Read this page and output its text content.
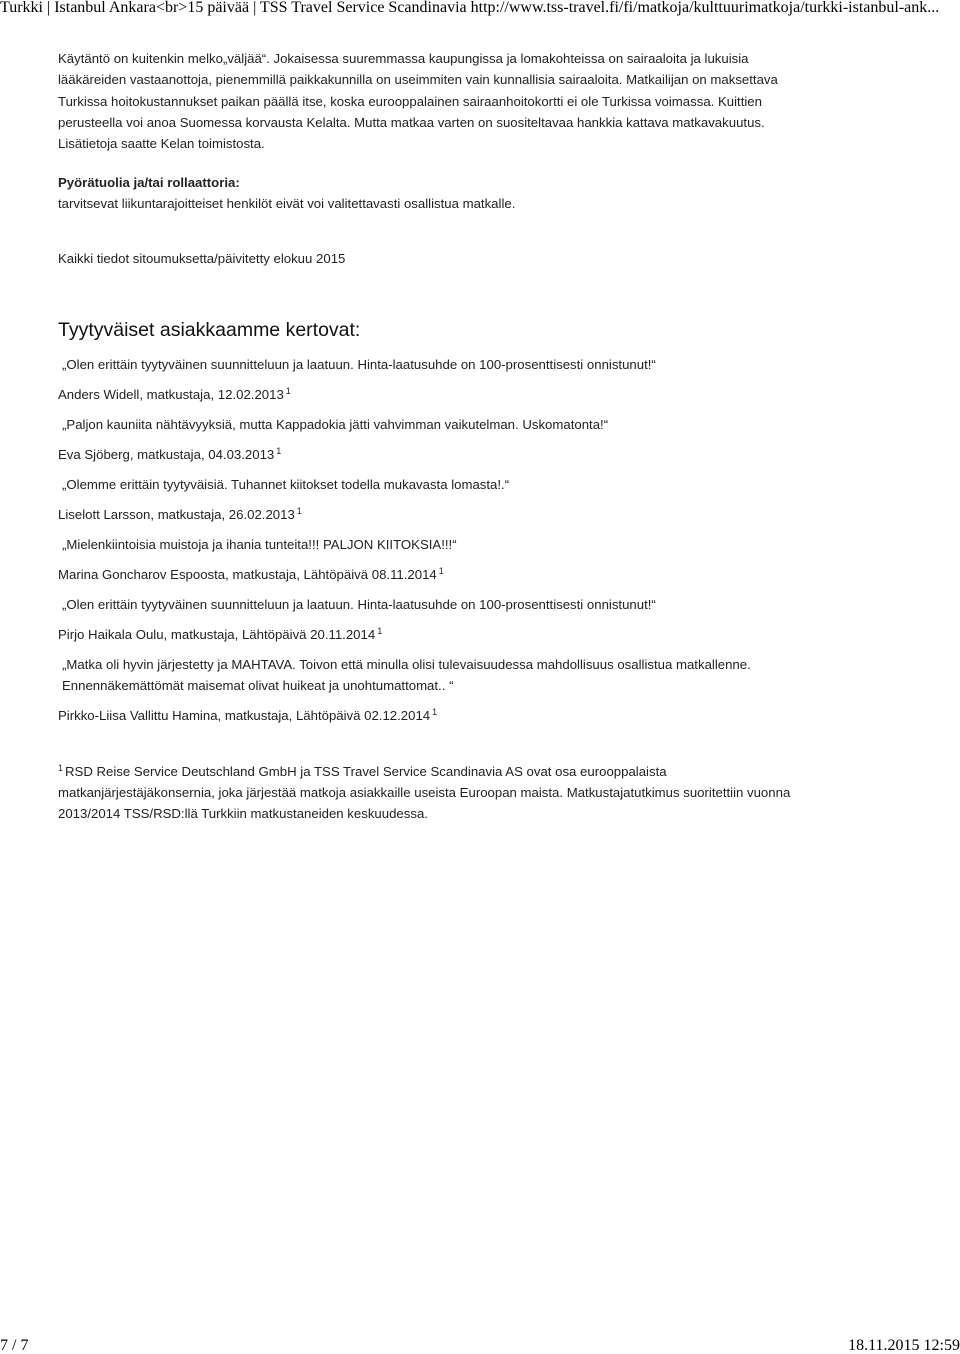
Turkki | Istanbul Ankara<br>15 päivää | TSS Travel Service Scandinavia http://www.tss-travel.fi/fi/matkoja/kulttuurimatkoja/turkki-istanbul-ank...

Käytäntö on kuitenkin melko„väljää“. Jokaisessa suuremmassa kaupungissa ja lomakohteissa on sairaaloita ja lukuisia
lääkäreiden vastaanottoja, pienemmillä paikkakunnilla on useimmiten vain kunnallisia sairaaloita. Matkailijan on maksettava
Turkissa hoitokustannukset paikan päällä itse, koska eurooppalainen sairaanhoitokortti ei ole Turkissa voimassa. Kuittien
perusteella voi anoa Suomessa korvausta Kelalta. Mutta matkaa varten on suositeltavaa hankkia kattava matkavakuutus.
Lisätietoja saatte Kelan toimistosta.

Pyörätuolia ja/tai rollaattoria:

tarvitsevat liikuntarajoitteiset henkilöt eivät voi valitettavasti osallistua matkalle.

Kaikki tiedot sitoumuksetta/päivitetty elokuu 2015

Tyytyväiset asiakkaamme kertovat:

„Olen erittäin tyytyväinen suunnitteluun ja laatuun. Hinta-laatusuhde on 100-prosenttisesti onnistunut!“

Anders Widell, matkustaja, 12.02.2013 $^1$

„Paljon kauniita nähtävyyksiä, mutta Kappadokia jätti vahvimman vaikutelman. Uskomatonta!“

Eva Sjöberg, matkustaja, 04.03.2013 $^1$

„Olemme erittäin tyytyväisiä. Tuhannet kiitokset todella mukavasta lomasta!.“

Liselott Larsson, matkustaja, 26.02.2013 $^1$

„Mielenkiintoisia muistoja ja ihania tunteita!!! PALJON KIITOKSIA!!!“

Marina Goncharov Espoosta, matkustaja, Lähtöpäivä 08.11.2014 $^1$

„Olen erittäin tyytyväinen suunnitteluun ja laatuun. Hinta-laatusuhde on 100-prosenttisesti onnistunut!“

Pirjo Haikala Oulu, matkustaja, Lähtöpäivä 20.11.2014 $^1$

„Matka oli hyvin järjestetty ja MAHTAVA. Toivon että minulla olisi tulevaisuudessa mahdollisuus osallistua matkallenne.
Ennennäkemättömät maisemat olivat huikeat ja unohtumattomat.. “

Pirkko-Liisa Vallittu Hamina, matkustaja, Lähtöpäivä 02.12.2014 $^1$

$^1$ RSD Reise Service Deutschland GmbH ja TSS Travel Service Scandinavia AS ovat osa eurooppalaista
matkanjärjestäjäkonsernia, joka järjestää matkoja asiakkaille useista Euroopan maista. Matkustajatutkimus suoritettiin vuonna
2013/2014 TSS/RSD:llä Turkkiin matkustaneiden keskuudessa.

7 / 7	18.11.2015 12:59
